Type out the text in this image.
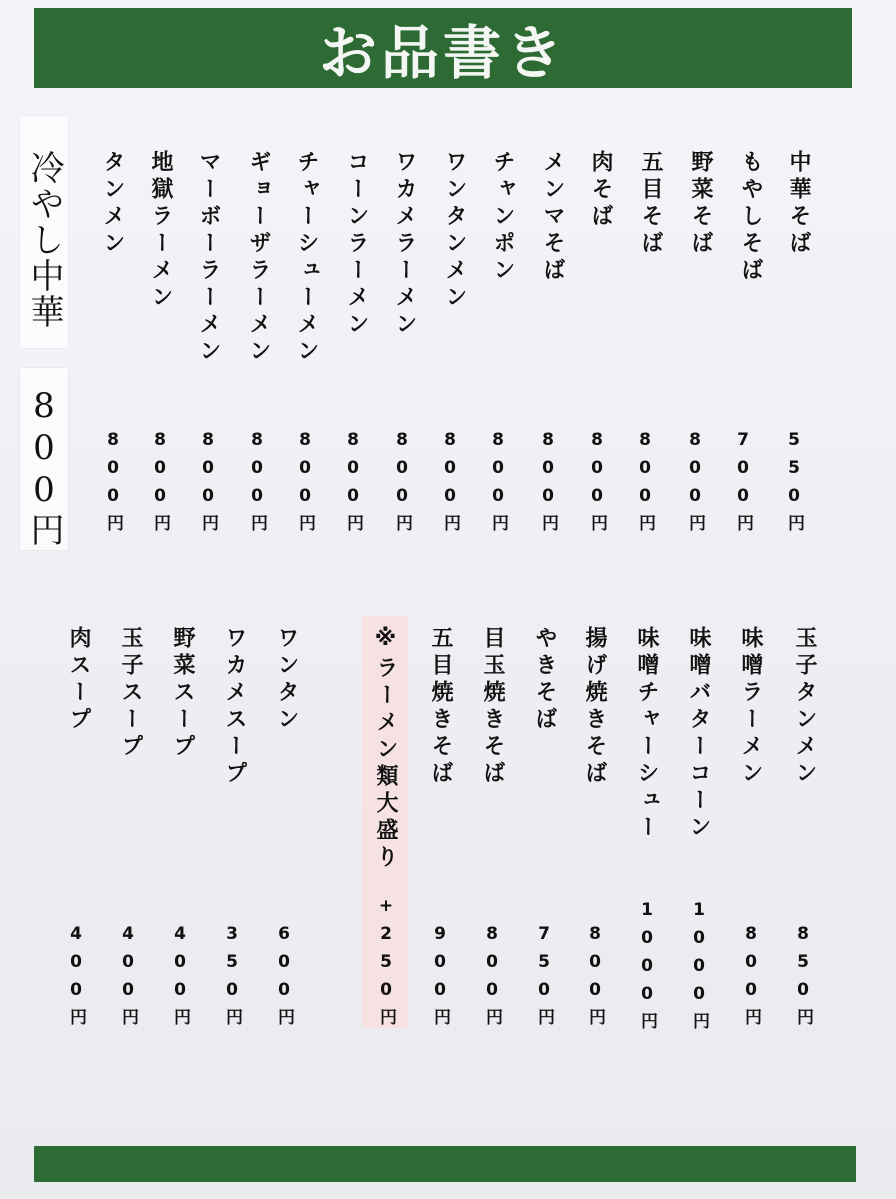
お品書き
冷やし中華
800円
中華そば
もやしそば
野菜そば
五目そば
肉そば
メンマそば
チャンポン
ワンタンメン
ワカメラーメン
コーンラーメン
チャーシューメン
ギョーザラーメン
マーボーラーメン
地獄ラーメン
タンメン
550円
700円
800円
800円
800円
800円
800円
800円
800円
800円
800円
800円
800円
800円
800円
玉子タンメン
味噌ラーメン
味噌バターコーン
味噌チャーシュー
揚げ焼きそば
やきそば
目玉焼きそば
五目焼きそば
※ラーメン類大盛り
+250円
ワンタン
ワカメスープ
野菜スープ
玉子スープ
肉スープ
850円
800円
1000円
1000円
800円
750円
800円
900円
600円
350円
400円
400円
400円
